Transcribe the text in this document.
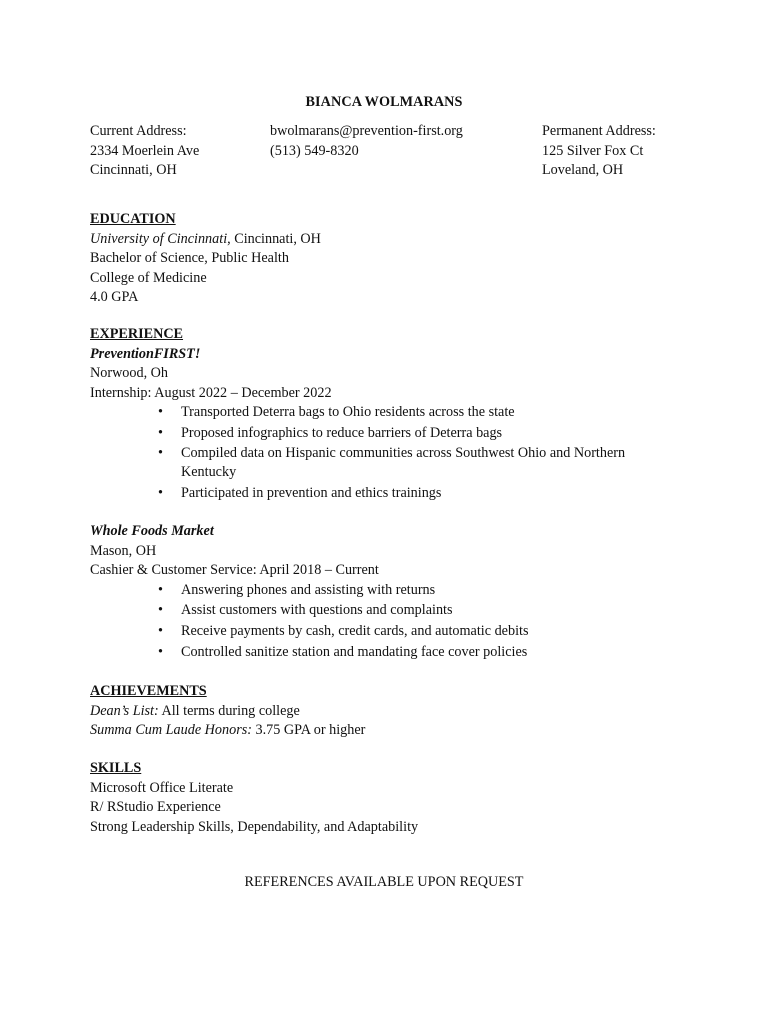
BIANCA WOLMARANS
Current Address:
2334 Moerlein Ave
Cincinnati, OH
bwolmarans@prevention-first.org
(513) 549-8320
Permanent Address:
125 Silver Fox Ct
Loveland, OH
EDUCATION
University of Cincinnati, Cincinnati, OH
Bachelor of Science, Public Health
College of Medicine
4.0 GPA
EXPERIENCE
PreventionFIRST!
Norwood, Oh
Internship: August 2022 – December 2022
• Transported Deterra bags to Ohio residents across the state
• Proposed infographics to reduce barriers of Deterra bags
• Compiled data on Hispanic communities across Southwest Ohio and Northern Kentucky
• Participated in prevention and ethics trainings
Whole Foods Market
Mason, OH
Cashier & Customer Service: April 2018 – Current
• Answering phones and assisting with returns
• Assist customers with questions and complaints
• Receive payments by cash, credit cards, and automatic debits
• Controlled sanitize station and mandating face cover policies
ACHIEVEMENTS
Dean’s List: All terms during college
Summa Cum Laude Honors: 3.75 GPA or higher
SKILLS
Microsoft Office Literate
R/ RStudio Experience
Strong Leadership Skills, Dependability, and Adaptability
REFERENCES AVAILABLE UPON REQUEST
